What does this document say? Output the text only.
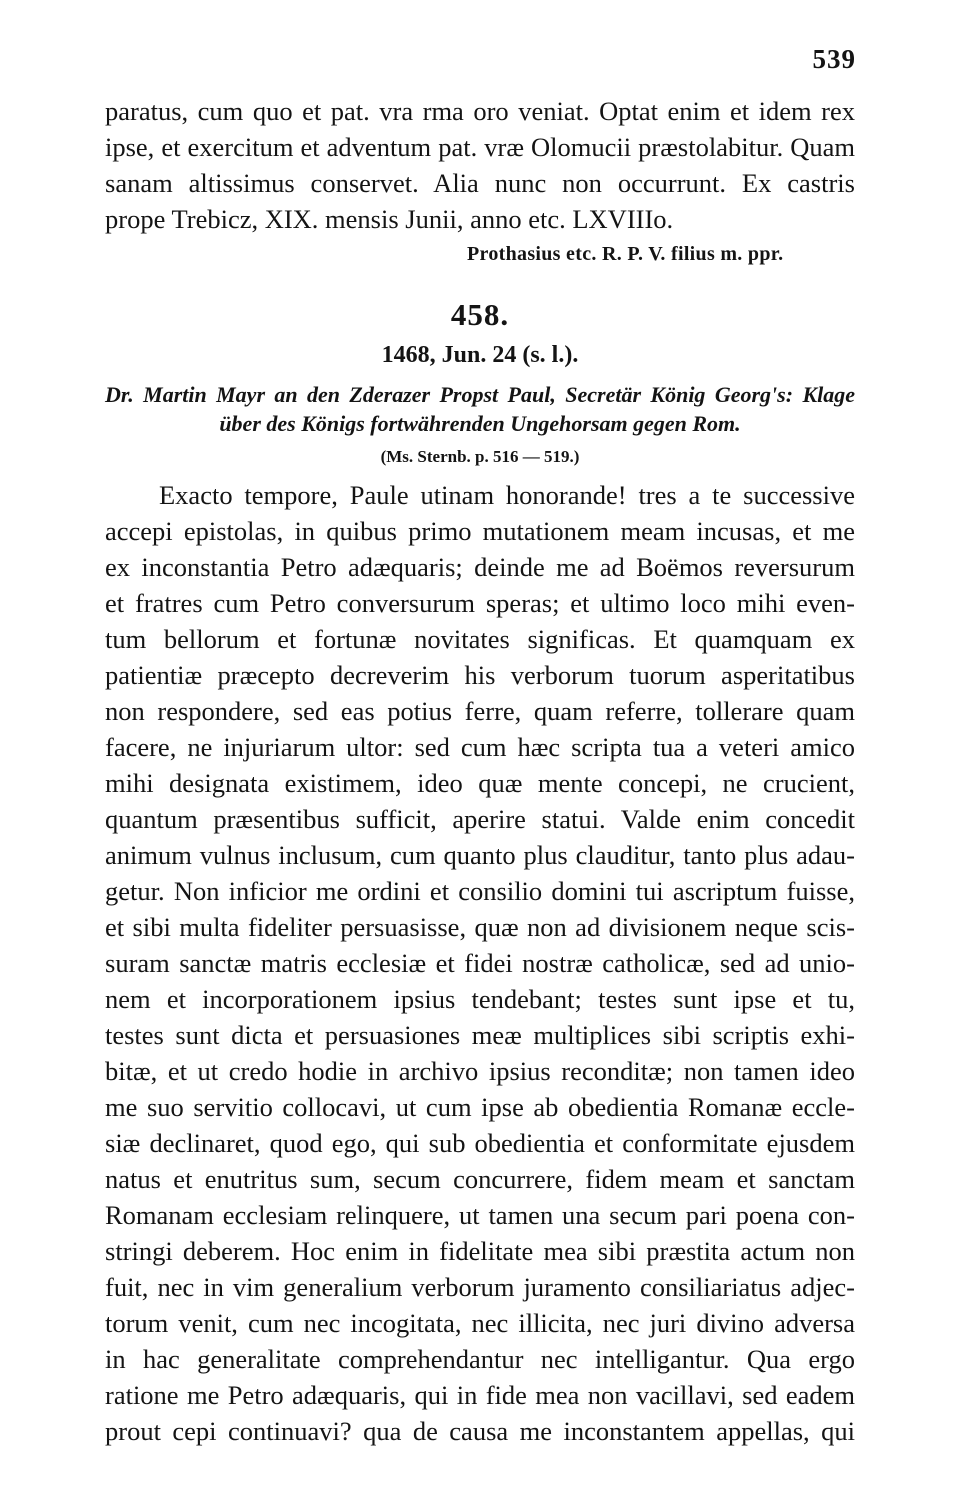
539
paratus, cum quo et pat. vra rma oro veniat. Optat enim et idem rex
ipse, et exercitum et adventum pat. vræ Olomucii præstolabitur. Quam
sanam altissimus conservet. Alia nunc non occurrunt. Ex castris
prope Trebicz, XIX. mensis Junii, anno etc. LXVIIIo.
Prothasius etc. R. P. V. filius m. ppr.
458.
1468, Jun. 24 (s. l.).
Dr. Martin Mayr an den Zderazer Propst Paul, Secretär König Georg's: Klage
über des Königs fortwährenden Ungehorsam gegen Rom.
(Ms. Sternb. p. 516 — 519.)
Exacto tempore, Paule utinam honorande! tres a te successive
accepi epistolas, in quibus primo mutationem meam incusas, et me
ex inconstantia Petro adæquaris; deinde me ad Boëmos reversurum
et fratres cum Petro conversurum speras; et ultimo loco mihi even-
tum bellorum et fortunæ novitates significas. Et quamquam ex
patientiæ præcepto decreverim his verborum tuorum asperitatibus
non respondere, sed eas potius ferre, quam referre, tollerare quam
facere, ne injuriarum ultor: sed cum hæc scripta tua a veteri amico
mihi designata existimem, ideo quæ mente concepi, ne crucient,
quantum præsentibus sufficit, aperire statui. Valde enim concedit
animum vulnus inclusum, cum quanto plus clauditur, tanto plus adau-
getur. Non inficior me ordini et consilio domini tui ascriptum fuisse,
et sibi multa fideliter persuasisse, quæ non ad divisionem neque scis-
suram sanctæ matris ecclesiæ et fidei nostræ catholicæ, sed ad unio-
nem et incorporationem ipsius tendebant; testes sunt ipse et tu,
testes sunt dicta et persuasiones meæ multiplices sibi scriptis exhi-
bitæ, et ut credo hodie in archivo ipsius reconditæ; non tamen ideo
me suo servitio collocavi, ut cum ipse ab obedientia Romanæ eccle-
siæ declinaret, quod ego, qui sub obedientia et conformitate ejusdem
natus et enutritus sum, secum concurrere, fidem meam et sanctam
Romanam ecclesiam relinquere, ut tamen una secum pari poena con-
stringi deberem. Hoc enim in fidelitate mea sibi præstita actum non
fuit, nec in vim generalium verborum juramento consiliariatus adjec-
torum venit, cum nec incogitata, nec illicita, nec juri divino adversa
in hac generalitate comprehendantur nec intelligantur. Qua ergo
ratione me Petro adæquaris, qui in fide mea non vacillavi, sed eadem
prout cepi continuavi? qua de causa me inconstantem appellas, qui
